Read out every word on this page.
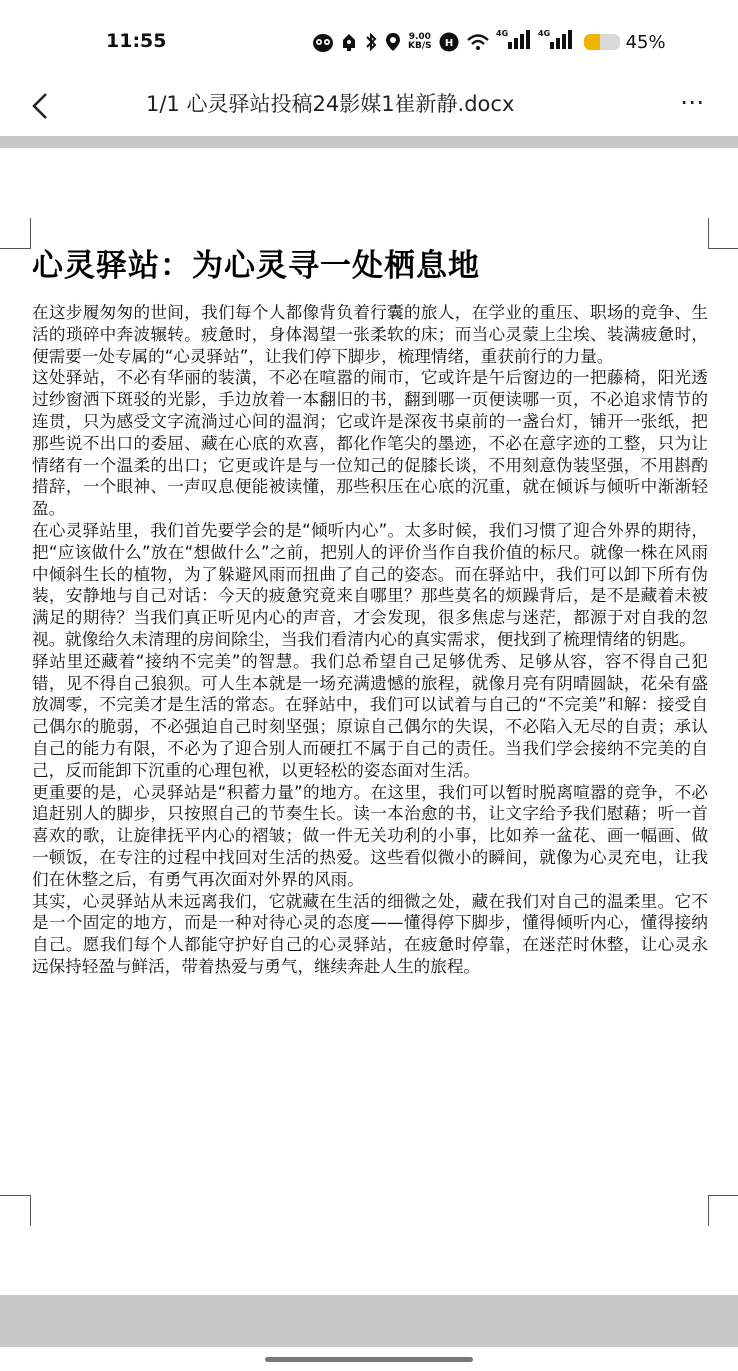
11:55	9.00
KB/S H
4G	4G	45%
1/1 心灵驿站投稿24影媒1崔新静.docx	⋯
心灵驿站：为心灵寻一处栖息地

在这步履匆匆的世间，我们每个人都像背负着行囊的旅人，在学业的重压、职场的竞争、生活的琐碎中奔波辗转。疲惫时，身体渴望一张柔软的床；而当心灵蒙上尘埃、装满疲惫时，便需要一处专属的“心灵驿站”，让我们停下脚步，梳理情绪，重获前行的力量。

这处驿站，不必有华丽的装潢，不必在喧嚣的闹市，它或许是午后窗边的一把藤椅，阳光透过纱窗洒下斑驳的光影，手边放着一本翻旧的书，翻到哪一页便读哪一页，不必追求情节的连贯，只为感受文字流淌过心间的温润；它或许是深夜书桌前的一盏台灯，铺开一张纸，把那些说不出口的委屈、藏在心底的欢喜，都化作笔尖的墨迹，不必在意字迹的工整，只为让情绪有一个温柔的出口；它更或许是与一位知己的促膝长谈，不用刻意伪装坚强，不用斟酌措辞，一个眼神、一声叹息便能被读懂，那些积压在心底的沉重，就在倾诉与倾听中渐渐轻盈。

在心灵驿站里，我们首先要学会的是“倾听内心”。太多时候，我们习惯了迎合外界的期待，把“应该做什么”放在“想做什么”之前，把别人的评价当作自我价值的标尺。就像一株在风雨中倾斜生长的植物，为了躲避风雨而扭曲了自己的姿态。而在驿站中，我们可以卸下所有伪装，安静地与自己对话：今天的疲惫究竟来自哪里？那些莫名的烦躁背后，是不是藏着未被满足的期待？当我们真正听见内心的声音，才会发现，很多焦虑与迷茫，都源于对自我的忽视。就像给久未清理的房间除尘，当我们看清内心的真实需求，便找到了梳理情绪的钥匙。

驿站里还藏着“接纳不完美”的智慧。我们总希望自己足够优秀、足够从容，容不得自己犯错，见不得自己狼狈。可人生本就是一场充满遗憾的旅程，就像月亮有阴晴圆缺，花朵有盛放凋零，不完美才是生活的常态。在驿站中，我们可以试着与自己的“不完美”和解：接受自己偶尔的脆弱，不必强迫自己时刻坚强；原谅自己偶尔的失误，不必陷入无尽的自责；承认自己的能力有限，不必为了迎合别人而硬扛不属于自己的责任。当我们学会接纳不完美的自己，反而能卸下沉重的心理包袱，以更轻松的姿态面对生活。

更重要的是，心灵驿站是“积蓄力量”的地方。在这里，我们可以暂时脱离喧嚣的竞争，不必追赶别人的脚步，只按照自己的节奏生长。读一本治愈的书，让文字给予我们慰藉；听一首喜欢的歌，让旋律抚平内心的褶皱；做一件无关功利的小事，比如养一盆花、画一幅画、做一顿饭，在专注的过程中找回对生活的热爱。这些看似微小的瞬间，就像为心灵充电，让我们在休整之后，有勇气再次面对外界的风雨。

其实，心灵驿站从未远离我们，它就藏在生活的细微之处，藏在我们对自己的温柔里。它不是一个固定的地方，而是一种对待心灵的态度——懂得停下脚步，懂得倾听内心，懂得接纳自己。愿我们每个人都能守护好自己的心灵驿站，在疲惫时停靠，在迷茫时休整，让心灵永远保持轻盈与鲜活，带着热爱与勇气，继续奔赴人生的旅程。
